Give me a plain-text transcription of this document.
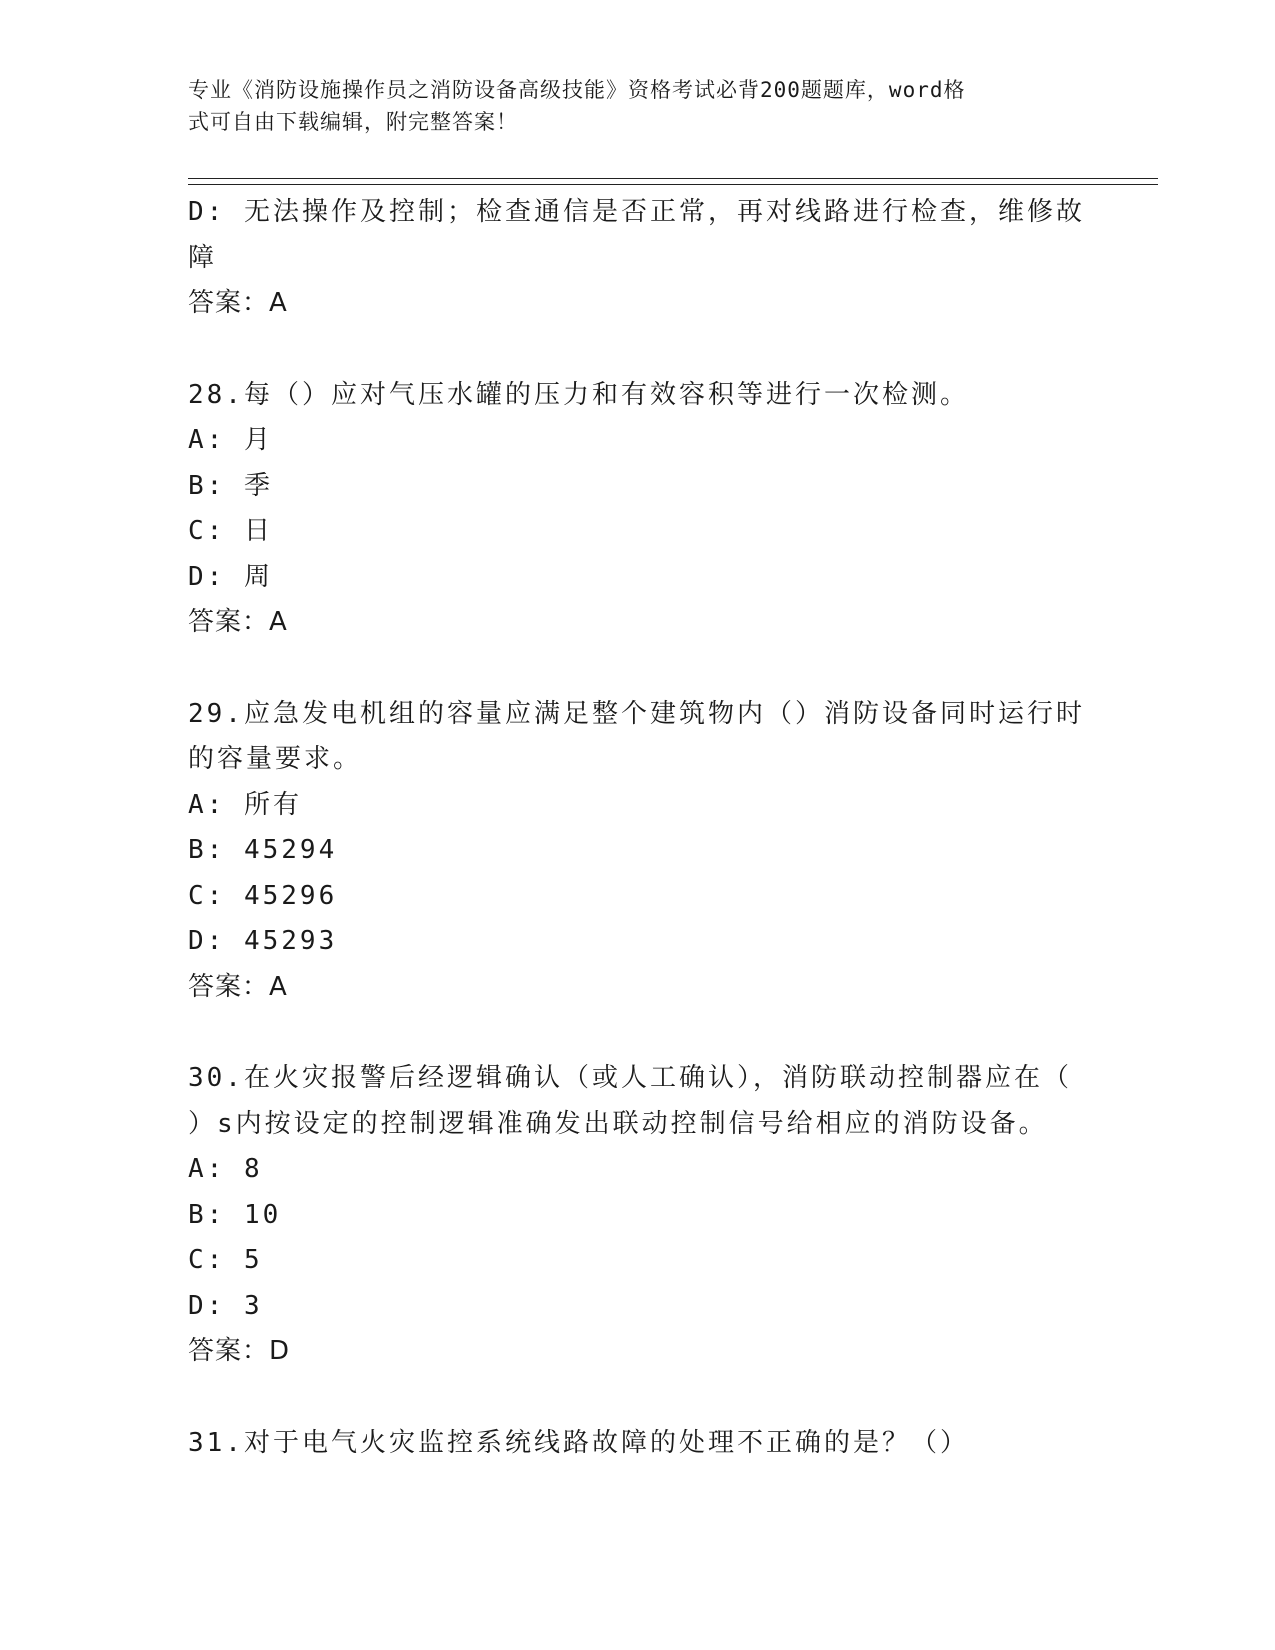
专业《消防设施操作员之消防设备高级技能》资格考试必背200题题库，word格
式可自由下载编辑，附完整答案！
D: 无法操作及控制；检查通信是否正常，再对线路进行检查，维修故
障
答案：A
28.每（）应对气压水罐的压力和有效容积等进行一次检测。
A: 月
B: 季
C: 日
D: 周
答案：A
29.应急发电机组的容量应满足整个建筑物内（）消防设备同时运行时
的容量要求。
A: 所有
B: 45294
C: 45296
D: 45293
答案：A
30.在火灾报警后经逻辑确认（或人工确认），消防联动控制器应在（
）s内按设定的控制逻辑准确发出联动控制信号给相应的消防设备。
A: 8
B: 10
C: 5
D: 3
答案：D
31.对于电气火灾监控系统线路故障的处理不正确的是？（）
